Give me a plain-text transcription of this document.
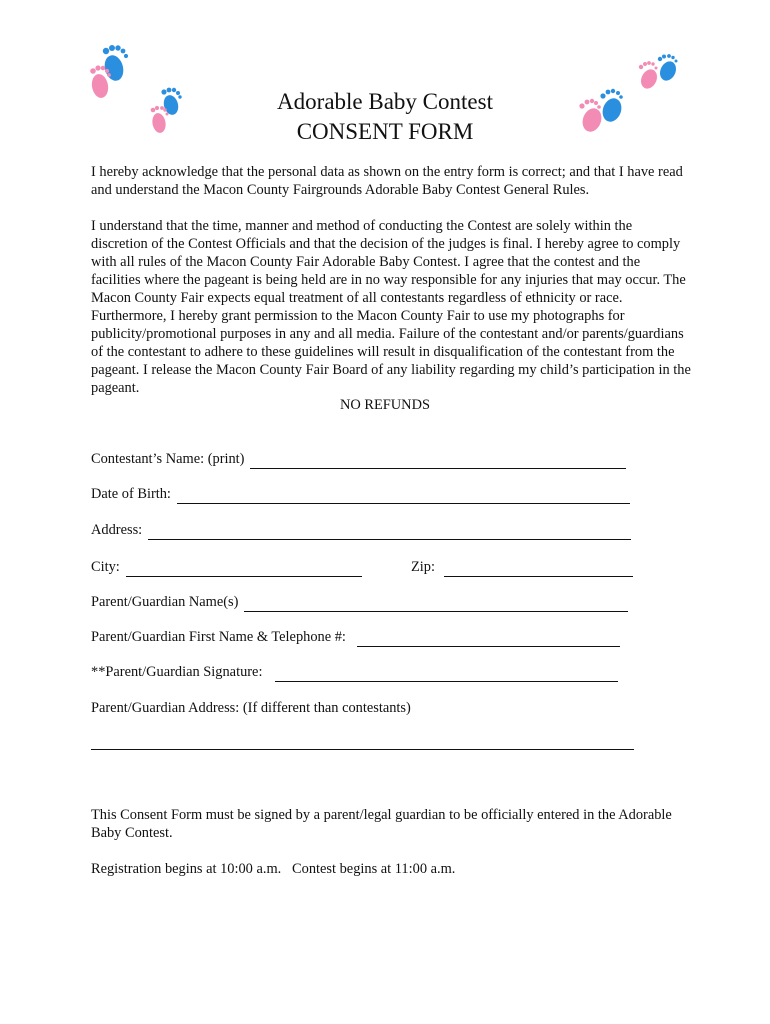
Adorable Baby Contest
CONSENT FORM

I hereby acknowledge that the personal data as shown on the entry form is correct; and that I have read and understand the Macon County Fairgrounds Adorable Baby Contest General Rules.

I understand that the time, manner and method of conducting the Contest are solely within the discretion of the Contest Officials and that the decision of the judges is final. I hereby agree to comply with all rules of the Macon County Fair Adorable Baby Contest. I agree that the contest and the facilities where the pageant is being held are in no way responsible for any injuries that may occur. The Macon County Fair expects equal treatment of all contestants regardless of ethnicity or race. Furthermore, I hereby grant permission to the Macon County Fair to use my photographs for publicity/promotional purposes in any and all media. Failure of the contestant and/or parents/guardians of the contestant to adhere to these guidelines will result in disqualification of the contestant from the pageant. I release the Macon County Fair Board of any liability regarding my child’s participation in the pageant.

NO REFUNDS
Contestant’s Name: (print)
Date of Birth:
Address:
City:	Zip:
Parent/Guardian Name(s)
Parent/Guardian First Name & Telephone #:
**Parent/Guardian Signature:
Parent/Guardian Address: (If different than contestants)

This Consent Form must be signed by a parent/legal guardian to be officially entered in the Adorable Baby Contest.

Registration begins at 10:00 a.m.   Contest begins at 11:00 a.m.
